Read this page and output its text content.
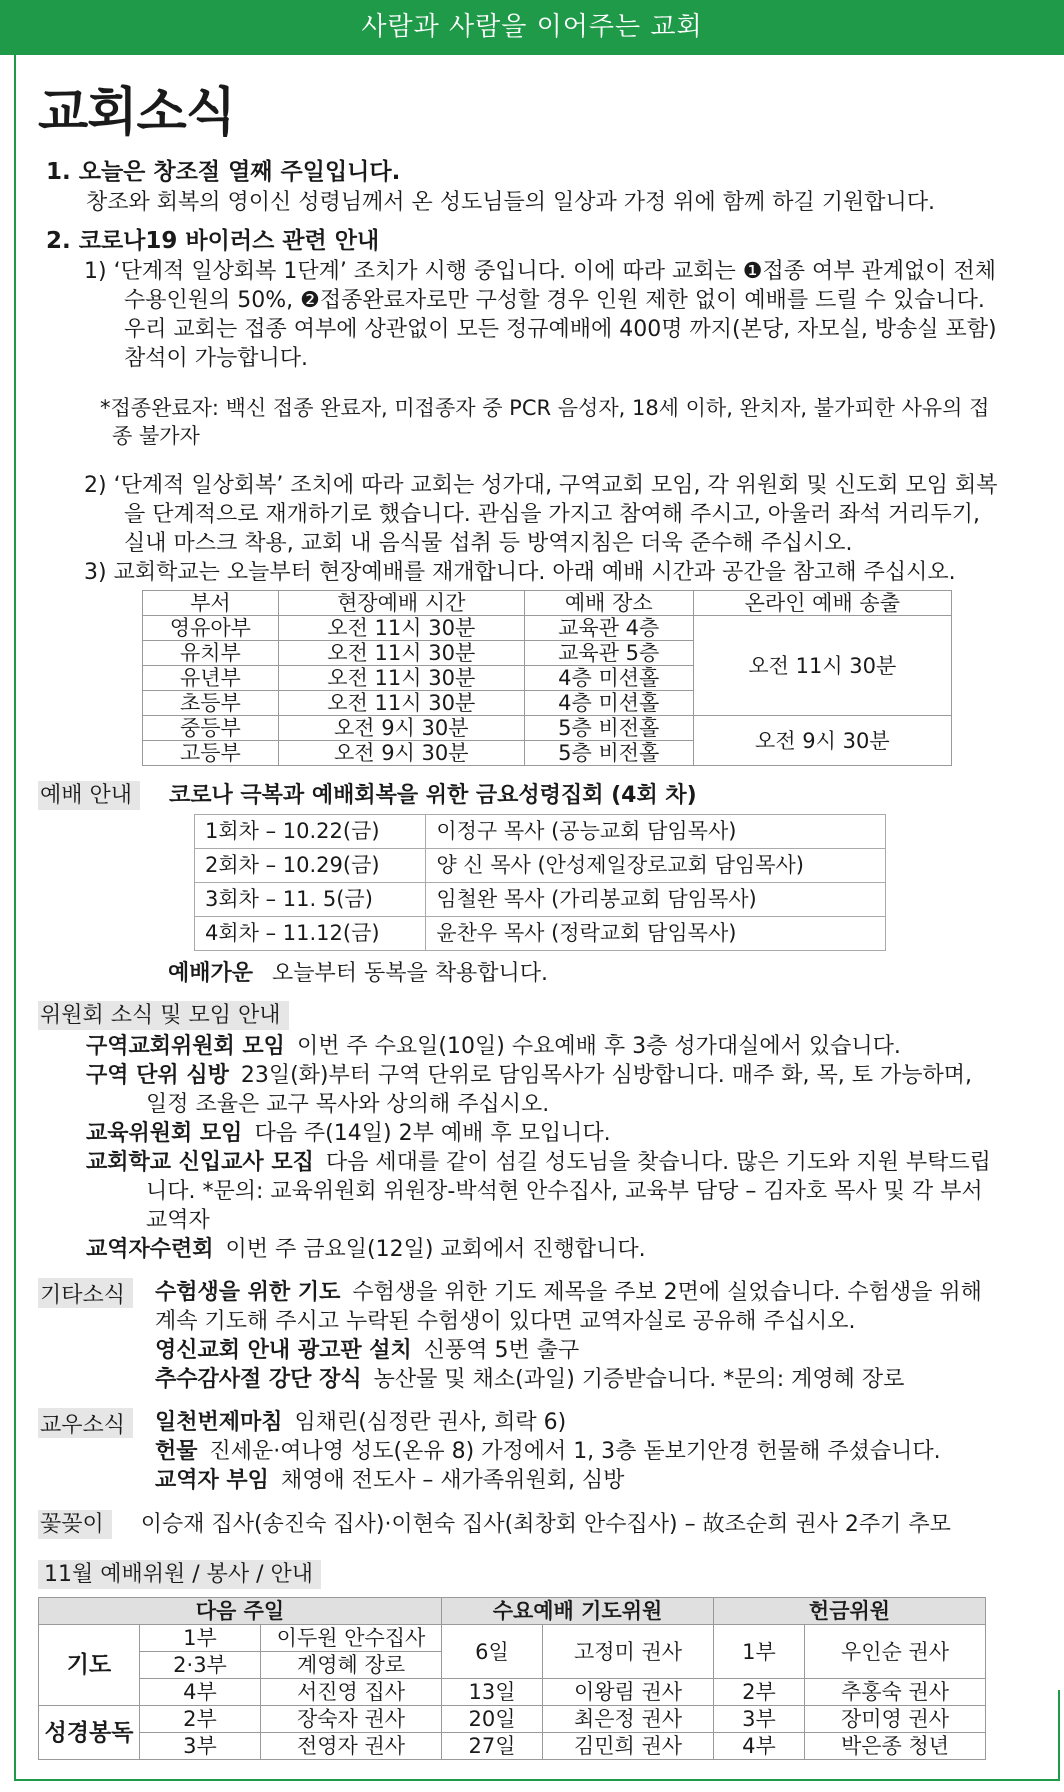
사람과 사람을 이어주는 교회
교회소식

1. 오늘은 창조절 열째 주일입니다.

창조와 회복의 영이신 성령님께서 온 성도님들의 일상과 가정 위에 함께 하길 기원합니다.

2. 코로나19 바이러스 관련 안내

1) ‘단계적 일상회복 1단계’ 조치가 시행 중입니다. 이에 따라 교회는 ❶접종 여부 관계없이 전체 수용인원의 50%, ❷접종완료자로만 구성할 경우 인원 제한 없이 예배를 드릴 수 있습니다. 우리 교회는 접종 여부에 상관없이 모든 정규예배에 400명 까지(본당, 자모실, 방송실 포함) 참석이 가능합니다.

*접종완료자: 백신 접종 완료자, 미접종자 중 PCR 음성자, 18세 이하, 완치자, 불가피한 사유의 접종 불가자

2) ‘단계적 일상회복’ 조치에 따라 교회는 성가대, 구역교회 모임, 각 위원회 및 신도회 모임 회복을 단계적으로 재개하기로 했습니다. 관심을 가지고 참여해 주시고, 아울러 좌석 거리두기, 실내 마스크 착용, 교회 내 음식물 섭취 등 방역지침은 더욱 준수해 주십시오.

3) 교회학교는 오늘부터 현장예배를 재개합니다. 아래 예배 시간과 공간을 참고해 주십시오.

부서	현장예배 시간	예배 장소	온라인 예배 송출
영유아부	오전 11시 30분	교육관 4층	오전 11시 30분
유치부	오전 11시 30분	교육관 5층	
유년부	오전 11시 30분	4층 미션홀	
초등부	오전 11시 30분	4층 미션홀	
중등부	오전 9시 30분	5층 비전홀	오전 9시 30분
고등부	오전 9시 30분	5층 비전홀	
예배 안내 코로나 극복과 예배회복을 위한 금요성령집회 (4회 차)
1회차 – 10.22(금)	이정구 목사 (공능교회 담임목사)
2회차 – 10.29(금)	양 신 목사 (안성제일장로교회 담임목사)
3회차 – 11. 5(금)	임철완 목사 (가리봉교회 담임목사)
4회차 – 11.12(금)	윤찬우 목사 (정락교회 담임목사)

예배가운 오늘부터 동복을 착용합니다.

위원회 소식 및 모임 안내

구역교회위원회 모임 이번 주 수요일(10일) 수요예배 후 3층 성가대실에서 있습니다.

구역 단위 심방 23일(화)부터 구역 단위로 담임목사가 심방합니다. 매주 화, 목, 토 가능하며, 일정 조율은 교구 목사와 상의해 주십시오.

교육위원회 모임 다음 주(14일) 2부 예배 후 모입니다.

교회학교 신입교사 모집 다음 세대를 같이 섬길 성도님을 찾습니다. 많은 기도와 지원 부탁드립니다. *문의: 교육위원회 위원장-박석현 안수집사, 교육부 담당 – 김자호 목사 및 각 부서 교역자

교역자수련회 이번 주 금요일(12일) 교회에서 진행합니다.

기타소식	수험생을 위한 기도 수험생을 위한 기도 제목을 주보 2면에 실었습니다. 수험생을 위해 계속 기도해 주시고 누락된 수험생이 있다면 교역자실로 공유해 주십시오.

영신교회 안내 광고판 설치 신풍역 5번 출구

추수감사절 강단 장식 농산물 및 채소(과일) 기증받습니다. *문의: 계영혜 장로

교우소식	일천번제마침 임채린(심정란 권사, 희락 6)

헌물 진세운·여나영 성도(온유 8) 가정에서 1, 3층 돋보기안경 헌물해 주셨습니다.

교역자 부임 채영애 전도사 – 새가족위원회, 심방

꽃꽂이 이승재 집사(송진숙 집사)·이현숙 집사(최창회 안수집사) – 故조순희 권사 2주기 추모
11월 예배위원 / 봉사 / 안내
다음 주일			수요예배 기도위원		헌금위원	
기도	1부	이두원 안수집사	6일	고정미 권사	1부	우인순 권사
	2·3부	계영혜 장로				
	4부	서진영 집사	13일	이왕림 권사	2부	추홍숙 권사
성경봉독	2부	장숙자 권사	20일	최은정 권사	3부	장미영 권사
	3부	전영자 권사	27일	김민희 권사	4부	박은종 청년
